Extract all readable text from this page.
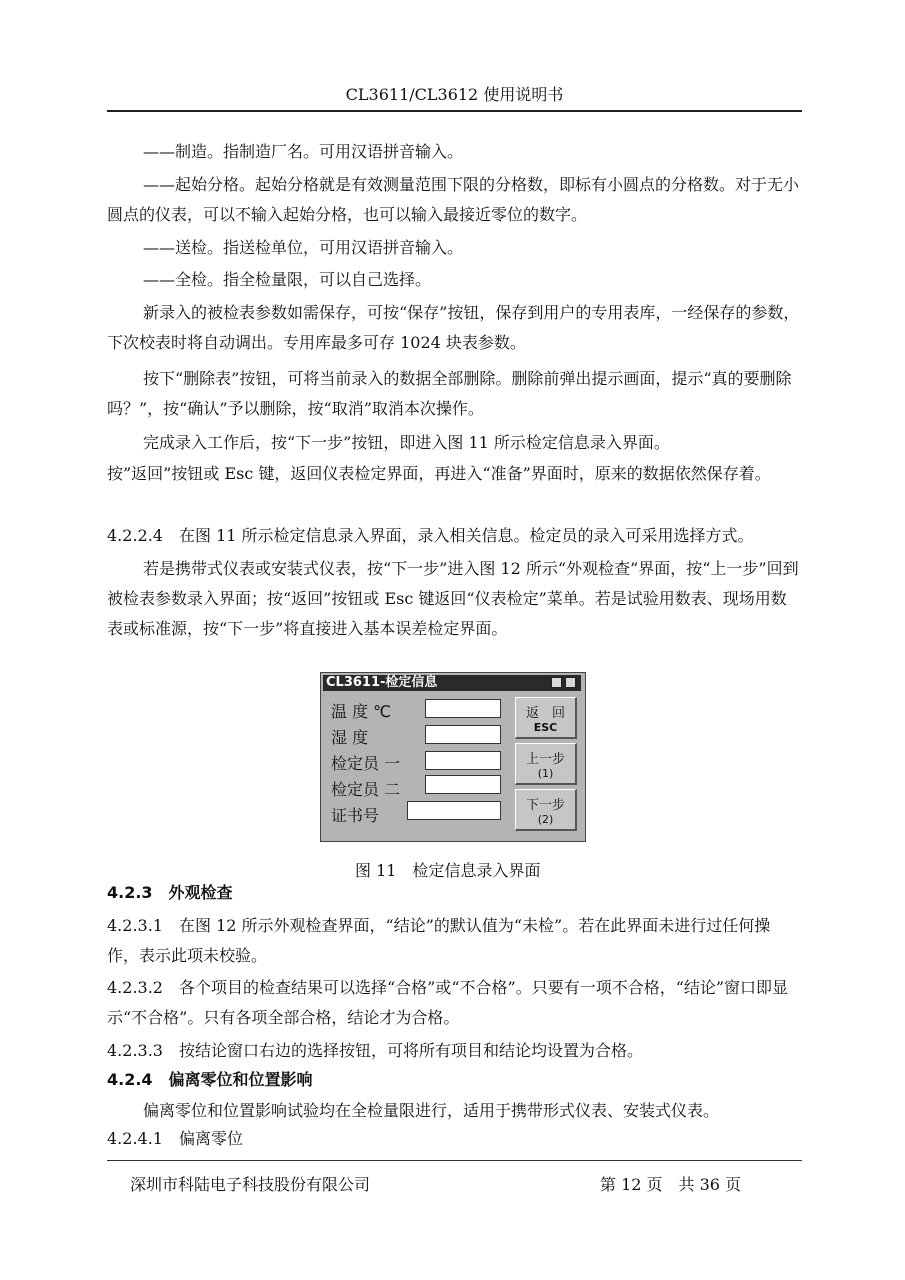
CL3611/CL3612 使用说明书

——制造。指制造厂名。可用汉语拼音输入。

——起始分格。起始分格就是有效测量范围下限的分格数，即标有小圆点的分格数。对于无小圆点的仪表，可以不输入起始分格，也可以输入最接近零位的数字。

——送检。指送检单位，可用汉语拼音输入。

——全检。指全检量限，可以自己选择。

新录入的被检表参数如需保存，可按“保存”按钮，保存到用户的专用表库，一经保存的参数，下次校表时将自动调出。专用库最多可存 1024 块表参数。

按下“删除表”按钮，可将当前录入的数据全部删除。删除前弹出提示画面，提示“真的要删除吗？”，按“确认”予以删除，按“取消”取消本次操作。

完成录入工作后，按“下一步”按钮，即进入图 11 所示检定信息录入界面。

按”返回”按钮或 Esc 键，返回仪表检定界面，再进入“准备”界面时，原来的数据依然保存着。

4.2.2.4　在图 11 所示检定信息录入界面，录入相关信息。检定员的录入可采用选择方式。

若是携带式仪表或安装式仪表，按“下一步”进入图 12 所示“外观检查”界面，按“上一步”回到被检表参数录入界面；按“返回”按钮或 Esc 键返回“仪表检定”菜单。若是试验用数表、现场用数表或标准源，按“下一步”将直接进入基本误差检定界面。

CL3611-检定信息
温 度 ℃
湿 度
检定员 一
检定员 二
证书号
返　回
ESC
上一步
(1)
下一步
(2)
图 11　检定信息录入界面

4.2.3　外观检查

4.2.3.1　在图 12 所示外观检查界面，“结论”的默认值为“未检”。若在此界面未进行过任何操作，表示此项未校验。

4.2.3.2　各个项目的检查结果可以选择“合格”或“不合格”。只要有一项不合格，“结论”窗口即显示“不合格”。只有各项全部合格，结论才为合格。

4.2.3.3　按结论窗口右边的选择按钮，可将所有项目和结论均设置为合格。

4.2.4　偏离零位和位置影响

偏离零位和位置影响试验均在全检量限进行，适用于携带形式仪表、安装式仪表。

4.2.4.1　偏离零位

深圳市科陆电子科技股份有限公司	第 12 页　共 36 页
